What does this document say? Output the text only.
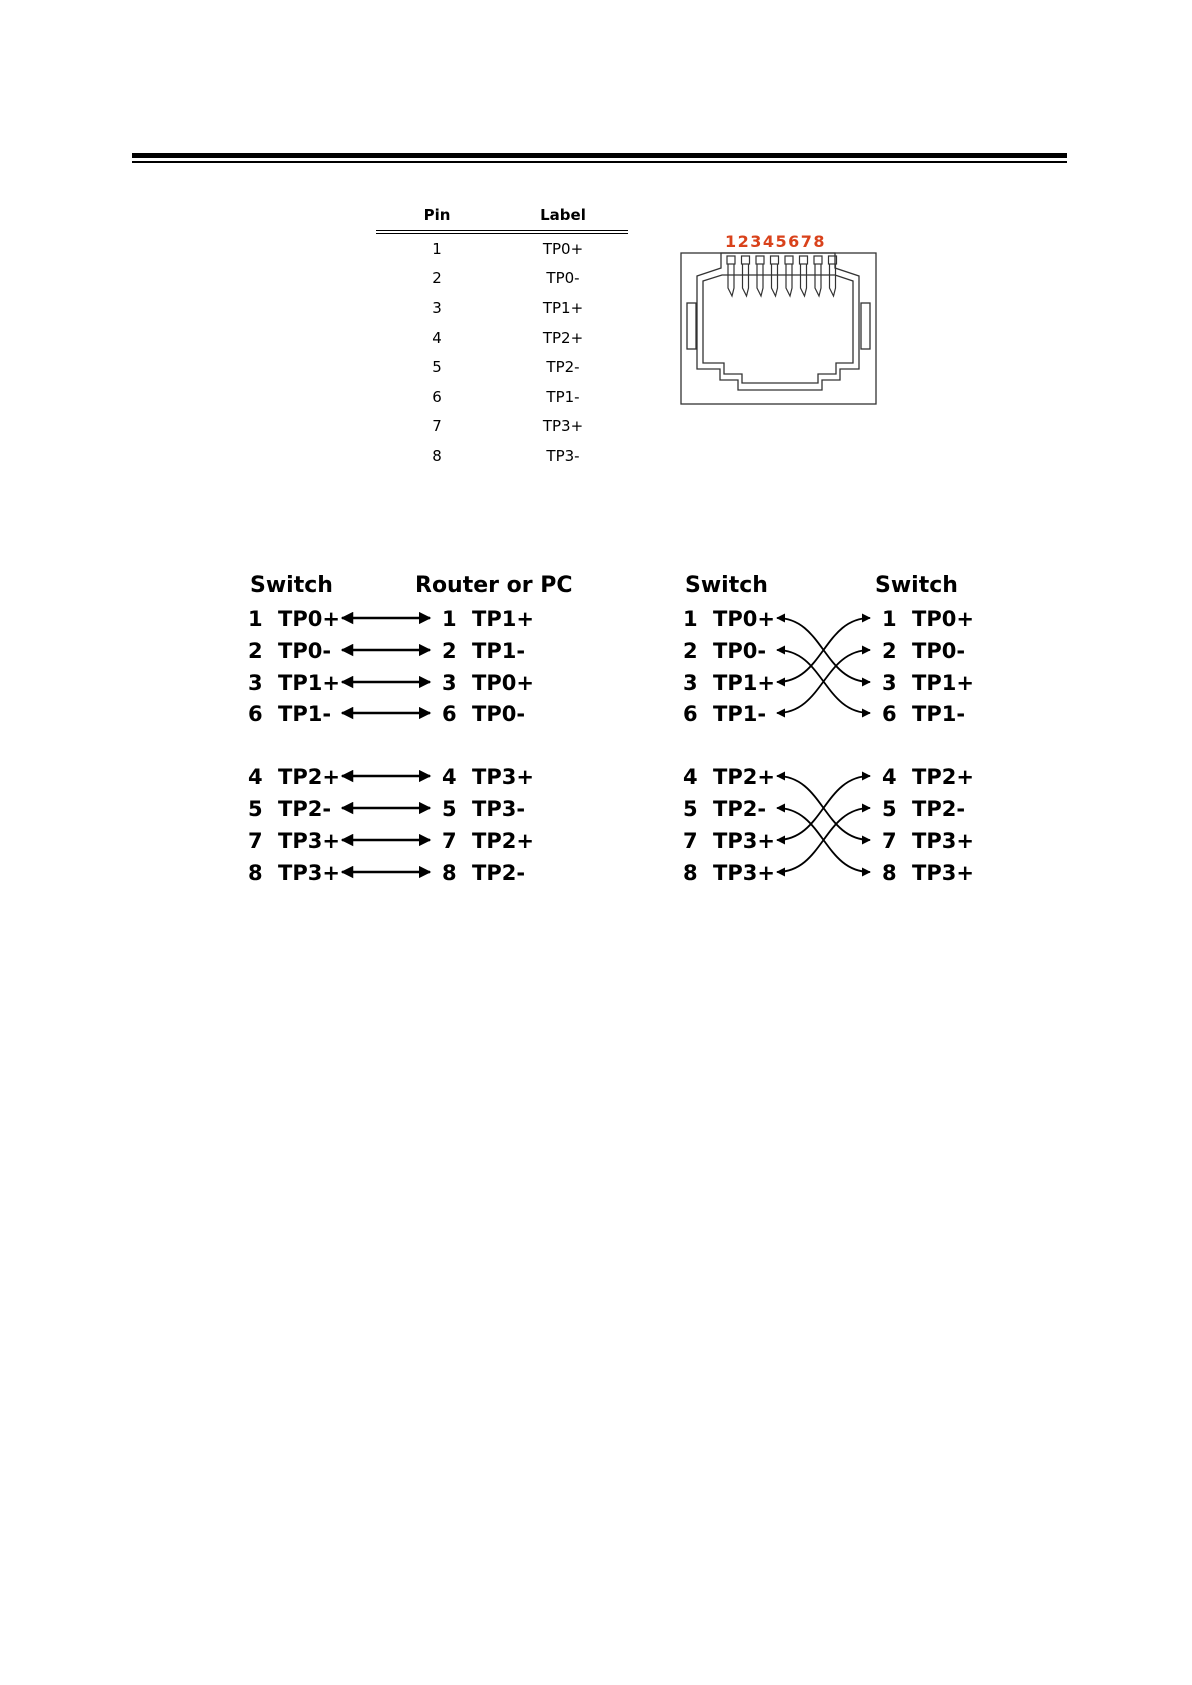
Pin	Label
1	TP0+
2	TP0-
3	TP1+
4	TP2+
5	TP2-
6	TP1-
7	TP3+
8	TP3-
12345678
Switch	Router or PC
1 TP0+	1 TP1+
2 TP0-	2 TP1-
3 TP1+	3 TP0+
6 TP1-	6 TP0-
4 TP2+	4 TP3+
5 TP2-	5 TP3-
7 TP3+	7 TP2+
8 TP3+	8 TP2-
Switch	Switch
1 TP0+	1 TP0+
2 TP0-	2 TP0-
3 TP1+	3 TP1+
6 TP1-	6 TP1-
4 TP2+	4 TP2+
5 TP2-	5 TP2-
7 TP3+	7 TP3+
8 TP3+	8 TP3+
